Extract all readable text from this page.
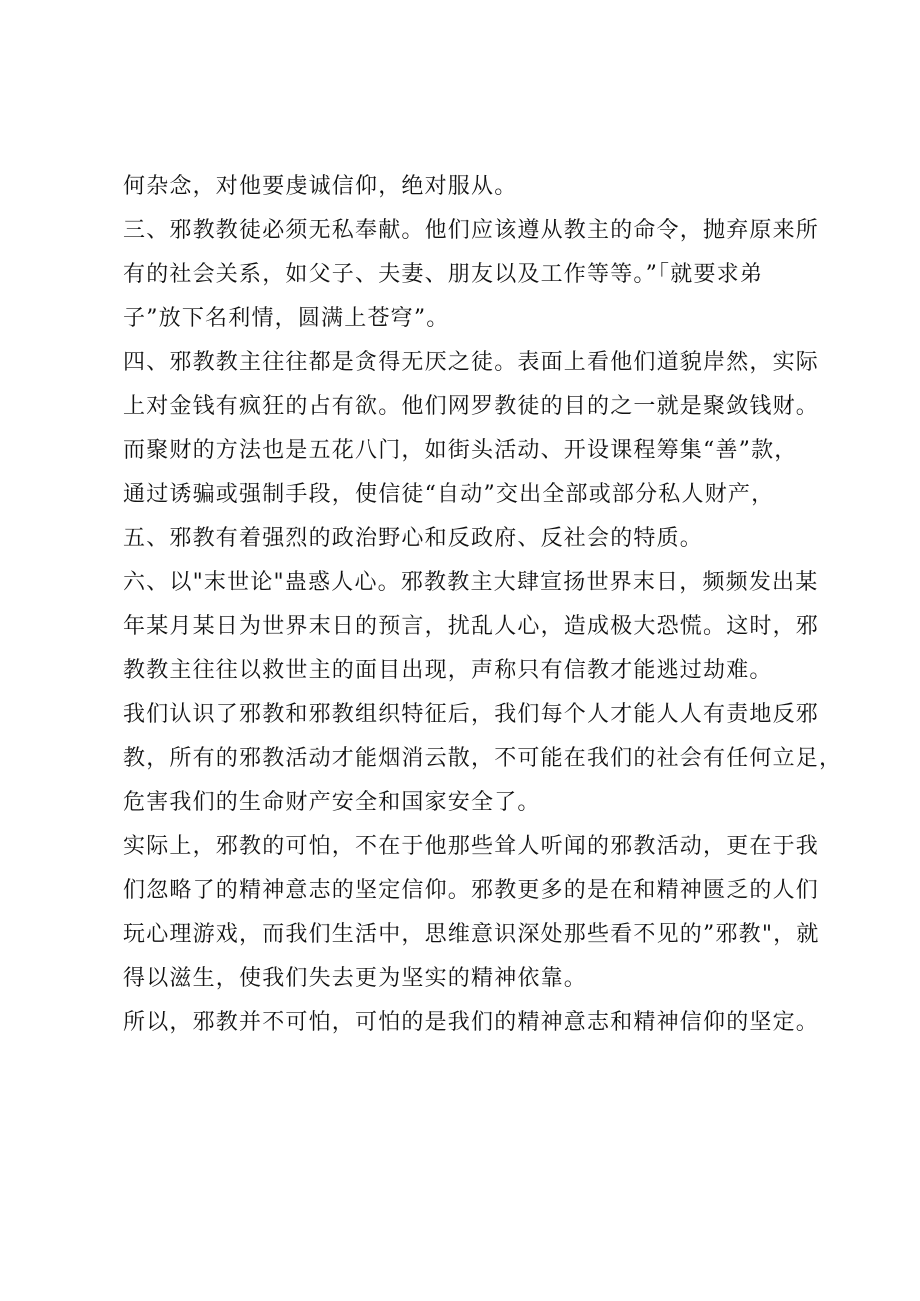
何杂念，对他要虔诚信仰，绝对服从。
三、邪教教徒必须无私奉献。他们应该遵从教主的命令，抛弃原来所
有的社会关系，如父子、夫妻、朋友以及工作等等。”「就要求弟
子”放下名利情，圆满上苍穹”。
四、邪教教主往往都是贪得无厌之徒。表面上看他们道貌岸然，实际
上对金钱有疯狂的占有欲。他们网罗教徒的目的之一就是聚敛钱财。
而聚财的方法也是五花八门，如街头活动、开设课程筹集“善”款，
通过诱骗或强制手段，使信徒“自动”交出全部或部分私人财产，
五、邪教有着强烈的政治野心和反政府、反社会的特质。
六、以"末世论"蛊惑人心。邪教教主大肆宣扬世界末日，频频发出某
年某月某日为世界末日的预言，扰乱人心，造成极大恐慌。这时，邪
教教主往往以救世主的面目出现，声称只有信教才能逃过劫难。
我们认识了邪教和邪教组织特征后，我们每个人才能人人有责地反邪
教，所有的邪教活动才能烟消云散，不可能在我们的社会有任何立足，
危害我们的生命财产安全和国家安全了。
实际上，邪教的可怕，不在于他那些耸人听闻的邪教活动，更在于我
们忽略了的精神意志的坚定信仰。邪教更多的是在和精神匮乏的人们
玩心理游戏，而我们生活中，思维意识深处那些看不见的”邪教"，就
得以滋生，使我们失去更为坚实的精神依靠。
所以，邪教并不可怕，可怕的是我们的精神意志和精神信仰的坚定。
